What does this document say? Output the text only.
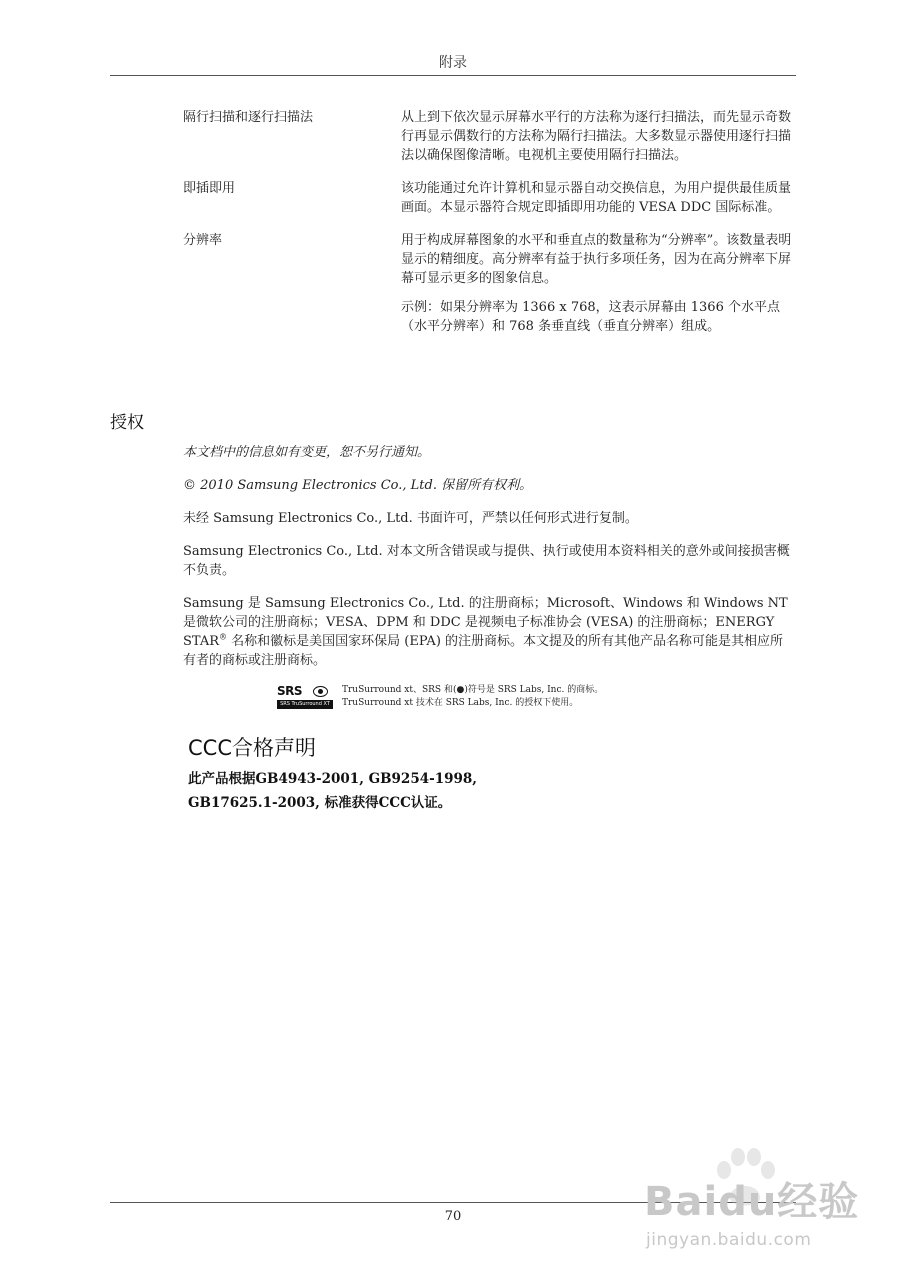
附录
隔行扫描和逐行扫描法	从上到下依次显示屏幕水平行的方法称为逐行扫描法，而先显示奇数行再显示偶数行的方法称为隔行扫描法。大多数显示器使用逐行扫描法以确保图像清晰。电视机主要使用隔行扫描法。

即插即用	该功能通过允许计算机和显示器自动交换信息，为用户提供最佳质量画面。本显示器符合规定即插即用功能的 VESA DDC 国际标准。

分辨率	用于构成屏幕图象的水平和垂直点的数量称为“分辨率”。该数量表明显示的精细度。高分辨率有益于执行多项任务，因为在高分辨率下屏幕可显示更多的图象信息。

示例：如果分辨率为 1366 x 768，这表示屏幕由 1366 个水平点（水平分辨率）和 768 条垂直线（垂直分辨率）组成。

授权

本文档中的信息如有变更，恕不另行通知。

© 2010 Samsung Electronics Co., Ltd. 保留所有权利。

未经 Samsung Electronics Co., Ltd. 书面许可，严禁以任何形式进行复制。

Samsung Electronics Co., Ltd. 对本文所含错误或与提供、执行或使用本资料相关的意外或间接损害概不负责。

Samsung 是 Samsung Electronics Co., Ltd. 的注册商标；Microsoft、Windows 和 Windows NT 是微软公司的注册商标；VESA、DPM 和 DDC 是视频电子标准协会 (VESA) 的注册商标；ENERGY STAR® 名称和徽标是美国国家环保局 (EPA) 的注册商标。本文提及的所有其他产品名称可能是其相应所有者的商标或注册商标。

SRS
SRS TruSurround XT
TruSurround xt、SRS 和(●)符号是 SRS Labs, Inc. 的商标。
TruSurround xt 技术在 SRS Labs, Inc. 的授权下使用。
CCC合格声明
此产品根据GB4943-2001, GB9254-1998,
GB17625.1-2003, 标准获得CCC认证。
70	Baidu经验
jingyan.baidu.com
